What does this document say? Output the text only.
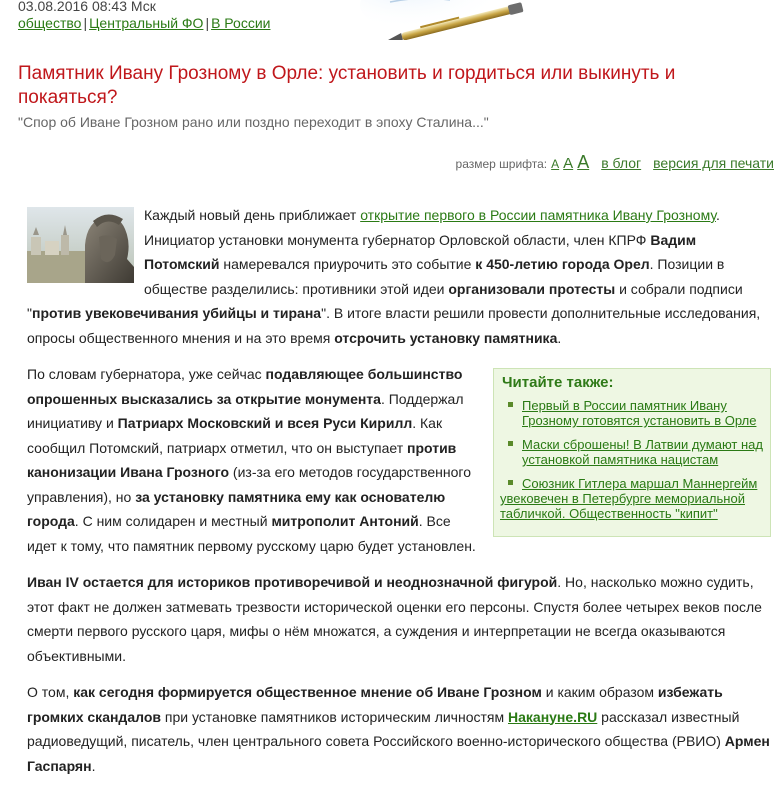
03.08.2016 08:43 Мск
общество | Центральный ФО | В России
Памятник Ивану Грозному в Орле: установить и гордиться или выкинуть и покаяться?

"Спор об Иване Грозном рано или поздно переходит в эпоху Сталина..."

размер шрифта: A A A в блог версия для печати

Каждый новый день приближает открытие первого в России памятника Ивану Грозному. Инициатор установки монумента губернатор Орловской области, член КПРФ Вадим Потомский намеревался приурочить это событие к 450-летию города Орел. Позиции в обществе разделились: противники этой идеи организовали протесты и собрали подписи "против увековечивания убийцы и тирана". В итоге власти решили провести дополнительные исследования, опросы общественного мнения и на это время отсрочить установку памятника.

Читайте также:
Первый в России памятник Ивану Грозному готовятся установить в Орле
Маски сброшены! В Латвии думают над установкой памятника нацистам
Союзник Гитлера маршал Маннергейм увековечен в Петербурге мемориальной табличкой. Общественность "кипит"

По словам губернатора, уже сейчас подавляющее большинство опрошенных высказались за открытие монумента. Поддержал инициативу и Патриарх Московский и всея Руси Кирилл. Как сообщил Потомский, патриарх отметил, что он выступает против канонизации Ивана Грозного (из-за его методов государственного управления), но за установку памятника ему как основателю города. С ним солидарен и местный митрополит Антоний. Все идет к тому, что памятник первому русскому царю будет установлен.

Иван IV остается для историков противоречивой и неоднозначной фигурой. Но, насколько можно судить, этот факт не должен затмевать трезвости исторической оценки его персоны. Спустя более четырех веков после смерти первого русского царя, мифы о нём множатся, а суждения и интерпретации не всегда оказываются объективными.

О том, как сегодня формируется общественное мнение об Иване Грозном и каким образом избежать громких скандалов при установке памятников историческим личностям Накануне.RU рассказал известный радиоведущий, писатель, член центрального совета Российского военно-исторического общества (РВИО) Армен Гаспарян.
